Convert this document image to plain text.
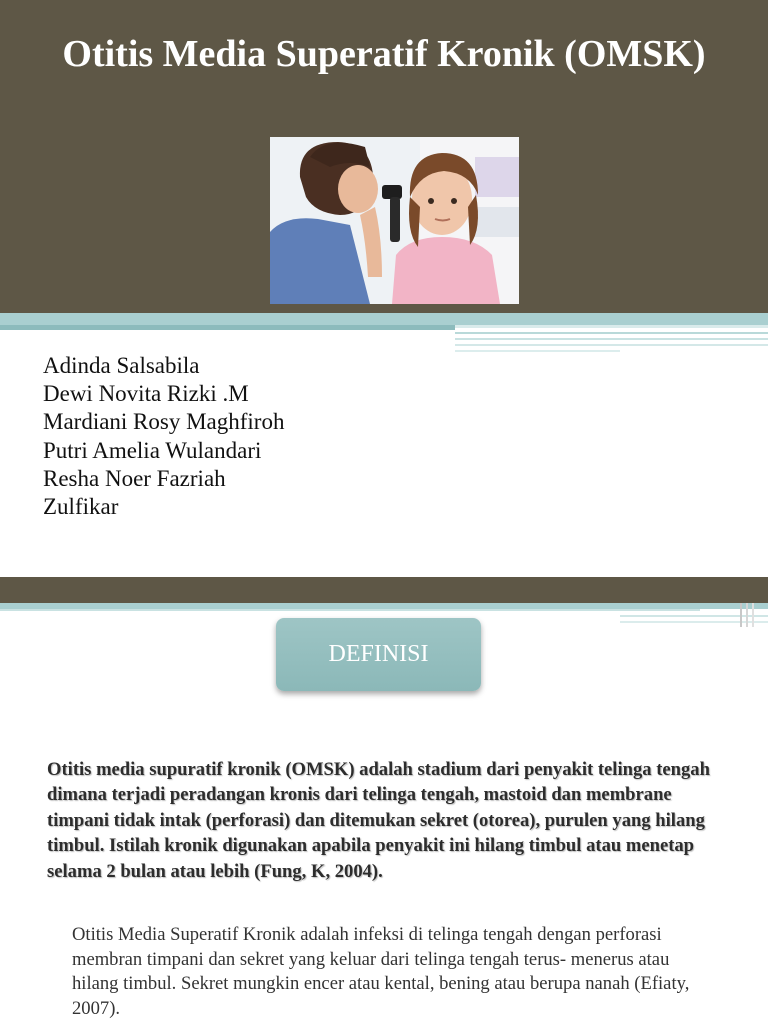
Otitis Media Superatif Kronik (OMSK)
Adinda Salsabila
Dewi Novita Rizki .M
Mardiani Rosy Maghfiroh
Putri Amelia Wulandari
Resha Noer Fazriah
Zulfikar
DEFINISI

Otitis media supuratif kronik (OMSK) adalah stadium dari penyakit telinga tengah dimana terjadi peradangan kronis dari telinga tengah, mastoid dan membrane timpani tidak intak (perforasi) dan ditemukan sekret (otorea), purulen yang hilang timbul. Istilah kronik digunakan apabila penyakit ini hilang timbul atau menetap selama 2 bulan atau lebih (Fung, K, 2004).

Otitis Media Superatif Kronik adalah infeksi di telinga tengah dengan perforasi membran timpani dan sekret yang keluar dari telinga tengah terus- menerus atau hilang timbul. Sekret mungkin encer atau kental, bening atau berupa nanah (Efiaty, 2007).
